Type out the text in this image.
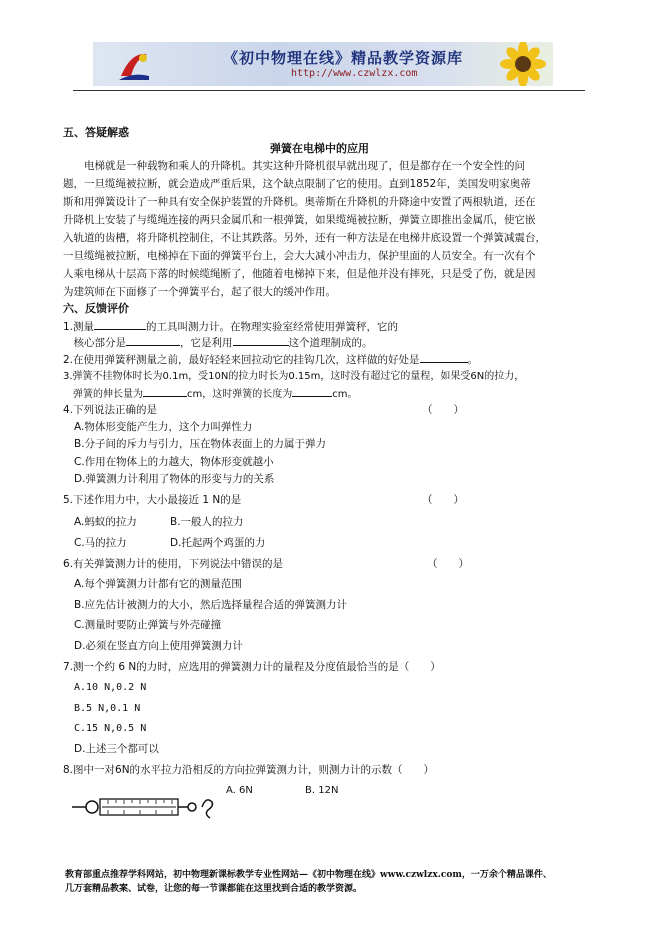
《初中物理在线》精品教学资源库
http://www.czwlzx.com
五、答疑解惑
弹簧在电梯中的应用
　　电梯就是一种载物和乘人的升降机。其实这种升降机很早就出现了，但是都存在一个安全性的问
题，一旦缆绳被拉断，就会造成严重后果，这个缺点限制了它的使用。直到1852年，美国发明家奥蒂
斯和用弹簧设计了一种具有安全保护装置的升降机。奥蒂斯在升降机的升降途中安置了两根轨道，还在
升降机上安装了与缆绳连接的两只金属爪和一根弹簧，如果缆绳被拉断，弹簧立即推出金属爪，使它嵌
入轨道的齿槽，将升降机控制住，不让其跌落。另外，还有一种方法是在电梯井底设置一个弹簧减震台，
一旦缆绳被拉断，电梯掉在下面的弹簧平台上，会大大减小冲击力，保护里面的人员安全。有一次有个
人乘电梯从十层高下落的时候缆绳断了，他随着电梯掉下来，但是他并没有摔死，只是受了伤，就是因
为建筑师在下面修了一个弹簧平台，起了很大的缓冲作用。
六、反馈评价
1.测量	的工具叫测力计。在物理实验室经常使用弹簧秤，它的
　核心部分是	，它是利用	这个道理制成的。
2.在使用弹簧秤测量之前，最好轻轻来回拉动它的挂钩几次，这样做的好处是	。
3.弹簧不挂物体时长为0.1m，受10N的拉力时长为0.15m，这时没有超过它的量程，如果受6N的拉力，
　弹簧的伸长量为	cm，这时弹簧的长度为	cm。
4.下列说法正确的是	（　　）
A.物体形变能产生力，这个力叫弹性力
B.分子间的斥力与引力，压在物体表面上的力属于弹力
C.作用在物体上的力越大，物体形变就越小
D.弹簧测力计利用了物体的形变与力的关系
5.下述作用力中，大小最接近 1 N的是	（　　）
A.蚂蚁的拉力	B.一般人的拉力
C.马的拉力	D.托起两个鸡蛋的力
6.有关弹簧测力计的使用，下列说法中错误的是	（　　）
A.每个弹簧测力计都有它的测量范围
B.应先估计被测力的大小，然后选择量程合适的弹簧测力计
C.测量时要防止弹簧与外壳碰撞
D.必须在竖直方向上使用弹簧测力计
7.测一个约 6 N的力时，应选用的弹簧测力计的量程及分度值最恰当的是（　　）
A.10 N,0.2 N
B.5 N,0.1 N
C.15 N,0.5 N
D.上述三个都可以
8.图中一对6N的水平拉力沿相反的方向拉弹簧测力计，则测力计的示数（　　）
A. 6N	B. 12N
教育部重点推荐学科网站，初中物理新课标教学专业性网站—《初中物理在线》www.czwlzx.com，一万余个精品课件、
几万套精品教案、试卷，让您的每一节课都能在这里找到合适的教学资源。
